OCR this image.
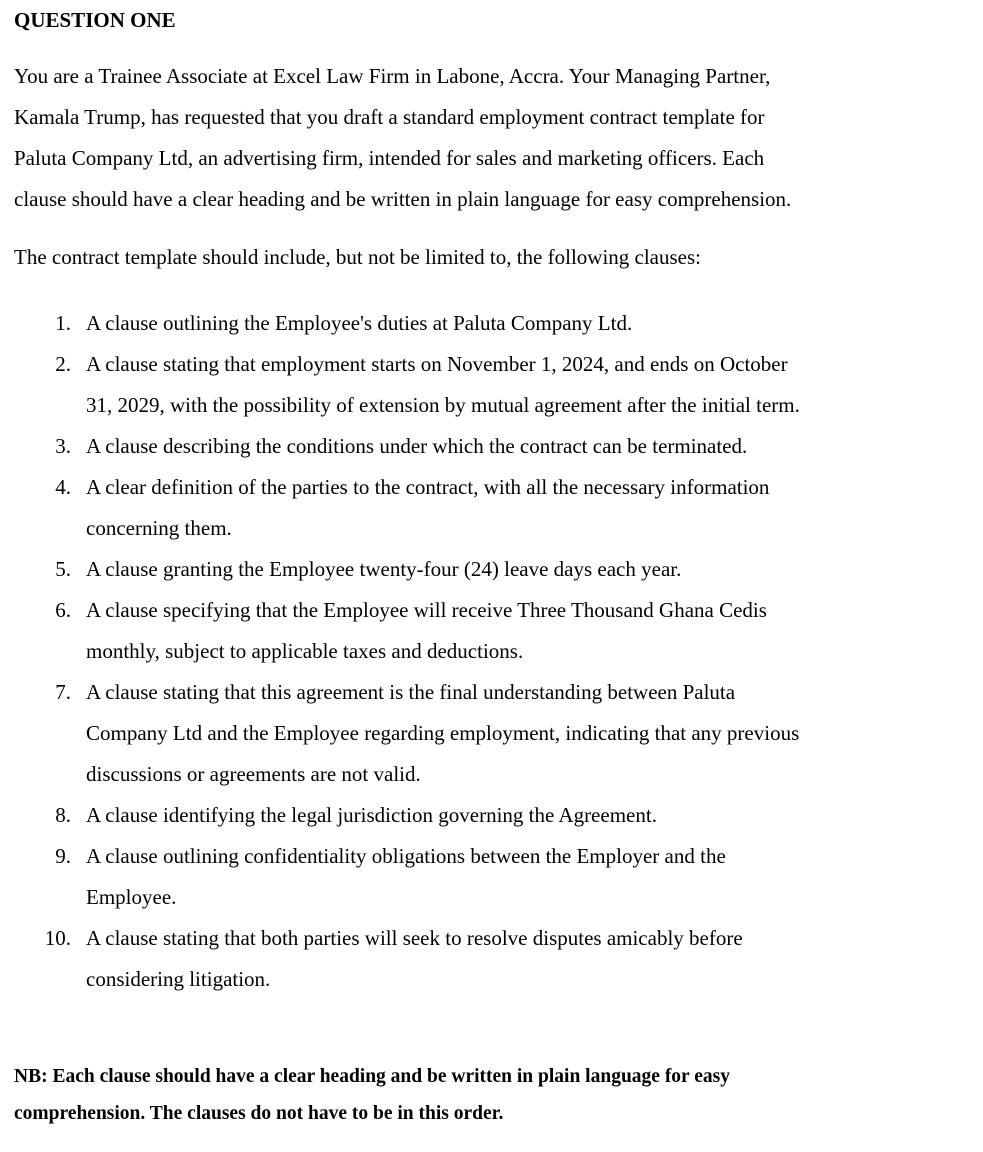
QUESTION ONE

You are a Trainee Associate at Excel Law Firm in Labone, Accra. Your Managing Partner,
Kamala Trump, has requested that you draft a standard employment contract template for
Paluta Company Ltd, an advertising firm, intended for sales and marketing officers. Each
clause should have a clear heading and be written in plain language for easy comprehension.

The contract template should include, but not be limited to, the following clauses:

1. A clause outlining the Employee's duties at Paluta Company Ltd.
2. A clause stating that employment starts on November 1, 2024, and ends on October
31, 2029, with the possibility of extension by mutual agreement after the initial term.
3. A clause describing the conditions under which the contract can be terminated.
4. A clear definition of the parties to the contract, with all the necessary information
concerning them.
5. A clause granting the Employee twenty-four (24) leave days each year.
6. A clause specifying that the Employee will receive Three Thousand Ghana Cedis
monthly, subject to applicable taxes and deductions.
7. A clause stating that this agreement is the final understanding between Paluta
Company Ltd and the Employee regarding employment, indicating that any previous
discussions or agreements are not valid.
8. A clause identifying the legal jurisdiction governing the Agreement.
9. A clause outlining confidentiality obligations between the Employer and the
Employee.
10. A clause stating that both parties will seek to resolve disputes amicably before
considering litigation.

NB: Each clause should have a clear heading and be written in plain language for easy
comprehension. The clauses do not have to be in this order.
